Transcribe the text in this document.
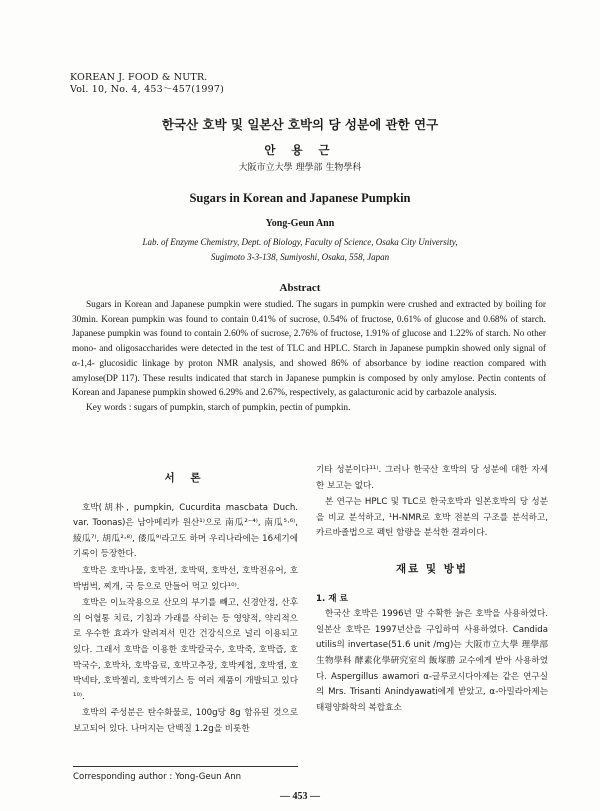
KOREAN J. FOOD & NUTR.
Vol. 10, No. 4, 453～457(1997)
한국산 호박 및 일본산 호박의 당 성분에 관한 연구
안 용 근
大阪市立大學 理學部 生物學科
Sugars in Korean and Japanese Pumpkin
Yong-Geun Ann
Lab. of Enzyme Chemistry, Dept. of Biology, Faculty of Science, Osaka City University,
Sugimoto 3-3-138, Sumiyoshi, Osaka, 558, Japan
Abstract

Sugars in Korean and Japanese pumpkin were studied. The sugars in pumpkin were crushed and extracted by boiling for 30min. Korean pumpkin was found to contain 0.41% of sucrose, 0.54% of fructose, 0.61% of glucose and 0.68% of starch. Japanese pumpkin was found to contain 2.60% of sucrose, 2.76% of fructose, 1.91% of glucose and 1.22% of starch. No other mono- and oligosaccharides were detected in the test of TLC and HPLC. Starch in Japanese pumpkin showed only signal of α-1,4- glucosidic linkage by proton NMR analysis, and showed 86% of absorbance by iodine reaction compared with amylose(DP 117). These results indicated that starch in Japanese pumpkin is composed by only amylose. Pectin contents of Korean and Japanese pumpkin showed 6.29% and 2.67%, respectively, as galacturonic acid by carbazole analysis.

Key words : sugars of pumpkin, starch of pumpkin, pectin of pumpkin.

서 론

호박(胡朴, pumpkin, Cucurdita mascbata Duch. var. Toonas)은 남아메리카 원산¹⁾으로 南瓜²⁻⁴⁾, 南瓜⁵·⁶⁾, 綾瓜⁷⁾, 胡瓜²·⁸⁾, 倭瓜⁹⁾라고도 하며 우리나라에는 16세기에 기록이 등장한다.

호박은 호박나물, 호박전, 호박떡, 호박선, 호박전유어, 호박범벅, 찌개, 국 등으로 만들어 먹고 있다¹⁰⁾.

호박은 이뇨작용으로 산모의 부기를 빼고, 신경안정, 산후의 어혈통 치료, 기침과 가래를 삭히는 등 영양적, 약리적으로 우수한 효과가 알려져서 민간 건강식으로 널리 이용되고 있다. 그래서 호박을 이용한 호박칼국수, 호박죽, 호박즙, 호박국수, 호박차, 호박음료, 호박고추장, 호박케첩, 호박잼, 호박넥타, 호박젤리, 호박엑기스 등 여러 제품이 개발되고 있다¹⁰⁾.

호박의 주성분은 탄수화물로, 100g당 8g 함유된 것으로 보고되어 있다. 나머지는 단백질 1.2g을 비롯한

기타 성분이다¹¹⁾. 그러나 한국산 호박의 당 성분에 대한 자세한 보고는 없다.

본 연구는 HPLC 및 TLC로 한국호박과 일본호박의 당 성분을 비교 분석하고, ¹H-NMR로 호박 전분의 구조를 분석하고, 카르바졸법으로 펙틴 함량을 분석한 결과이다.

재료 및 방법
1. 재 료

한국산 호박은 1996년 말 수확한 늙은 호박을 사용하였다. 일본산 호박은 1997년산을 구입하여 사용하였다. Candida utilis의 invertase(51.6 unit /mg)는 大阪市立大學 理學部 生物學科 酵素化學硏究室의 飯塚勝 교수에게 받아 사용하였다. Aspergillus awamori α-글루코시다아제는 같은 연구실의 Mrs. Trisanti Anindyawati에게 받았고, α-아밀라아제는 태평양화학의 복합효소

Corresponding author : Yong-Geun Ann
— 453 —
